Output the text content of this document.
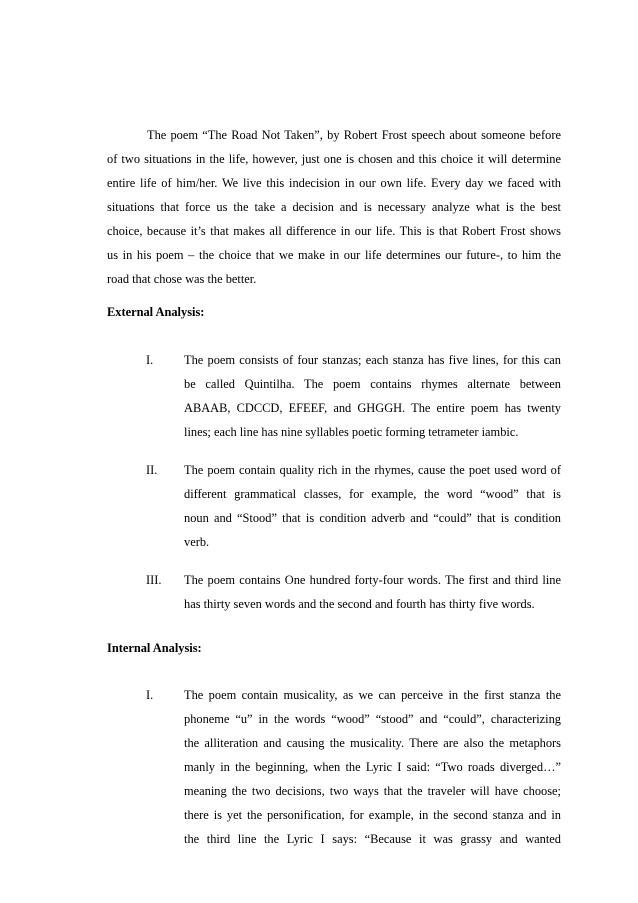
The poem “The Road Not Taken”, by Robert Frost speech about someone before
of two situations in the life, however, just one is chosen and this choice it will determine
entire life of him/her. We live this indecision in our own life. Every day we faced with
situations that force us the take a decision and is necessary analyze what is the best
choice, because it’s that makes all difference in our life. This is that Robert Frost shows
us in his poem – the choice that we make in our life determines our future-, to him the
road that chose was the better.
External Analysis:
I. The poem consists of four stanzas; each stanza has five lines, for this can
be called Quintilha. The poem contains rhymes alternate between
ABAAB, CDCCD, EFEEF, and GHGGH. The entire poem has twenty
lines; each line has nine syllables poetic forming tetrameter iambic.
II. The poem contain quality rich in the rhymes, cause the poet used word of
different grammatical classes, for example, the word “wood” that is
noun and “Stood” that is condition adverb and “could” that is condition
verb.
III. The poem contains One hundred forty-four words. The first and third line
has thirty seven words and the second and fourth has thirty five words.
Internal Analysis:
I. The poem contain musicality, as we can perceive in the first stanza the
phoneme “u” in the words “wood” “stood” and “could”, characterizing
the alliteration and causing the musicality. There are also the metaphors
manly in the beginning, when the Lyric I said: “Two roads diverged…”
meaning the two decisions, two ways that the traveler will have choose;
there is yet the personification, for example, in the second stanza and in
the third line the Lyric I says: “Because it was grassy and wanted
